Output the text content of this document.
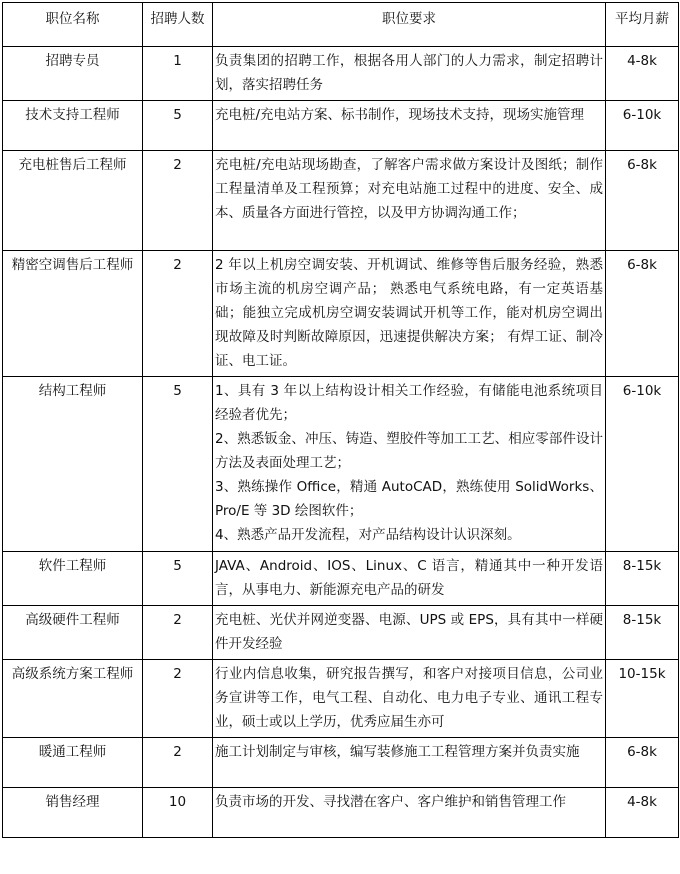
职位名称	招聘人数	职位要求	平均月薪
招聘专员	1	负责集团的招聘工作，根据各用人部门的人力需求，制定招聘计划，落实招聘任务	4-8k
技术支持工程师	5	充电桩/充电站方案、标书制作，现场技术支持，现场实施管理	6-10k
充电桩售后工程师	2	充电桩/充电站现场勘查，了解客户需求做方案设计及图纸；制作工程量清单及工程预算；对充电站施工过程中的进度、安全、成本、质量各方面进行管控，以及甲方协调沟通工作；	6-8k
精密空调售后工程师	2	2 年以上机房空调安装、开机调试、维修等售后服务经验，熟悉市场主流的机房空调产品； 熟悉电气系统电路，有一定英语基础；能独立完成机房空调安装调试开机等工作，能对机房空调出现故障及时判断故障原因，迅速提供解决方案； 有焊工证、制冷证、电工证。	6-8k
结构工程师	5	1、具有 3 年以上结构设计相关工作经验，有储能电池系统项目经验者优先；
2、熟悉钣金、冲压、铸造、塑胶件等加工工艺、相应零部件设计方法及表面处理工艺；
3、熟练操作 Office，精通 AutoCAD，熟练使用 SolidWorks、Pro/E 等 3D 绘图软件；
4、熟悉产品开发流程，对产品结构设计认识深刻。	6-10k
软件工程师	5	JAVA、Android、IOS、Linux、C 语言，精通其中一种开发语言，从事电力、新能源充电产品的研发	8-15k
高级硬件工程师	2	充电桩、光伏并网逆变器、电源、UPS 或 EPS，具有其中一样硬件开发经验	8-15k
高级系统方案工程师	2	行业内信息收集，研究报告撰写，和客户对接项目信息，公司业务宣讲等工作，电气工程、自动化、电力电子专业、通讯工程专业，硕士或以上学历，优秀应届生亦可	10-15k
暖通工程师	2	施工计划制定与审核，编写装修施工工程管理方案并负责实施	6-8k
销售经理	10	负责市场的开发、寻找潜在客户、客户维护和销售管理工作	4-8k
